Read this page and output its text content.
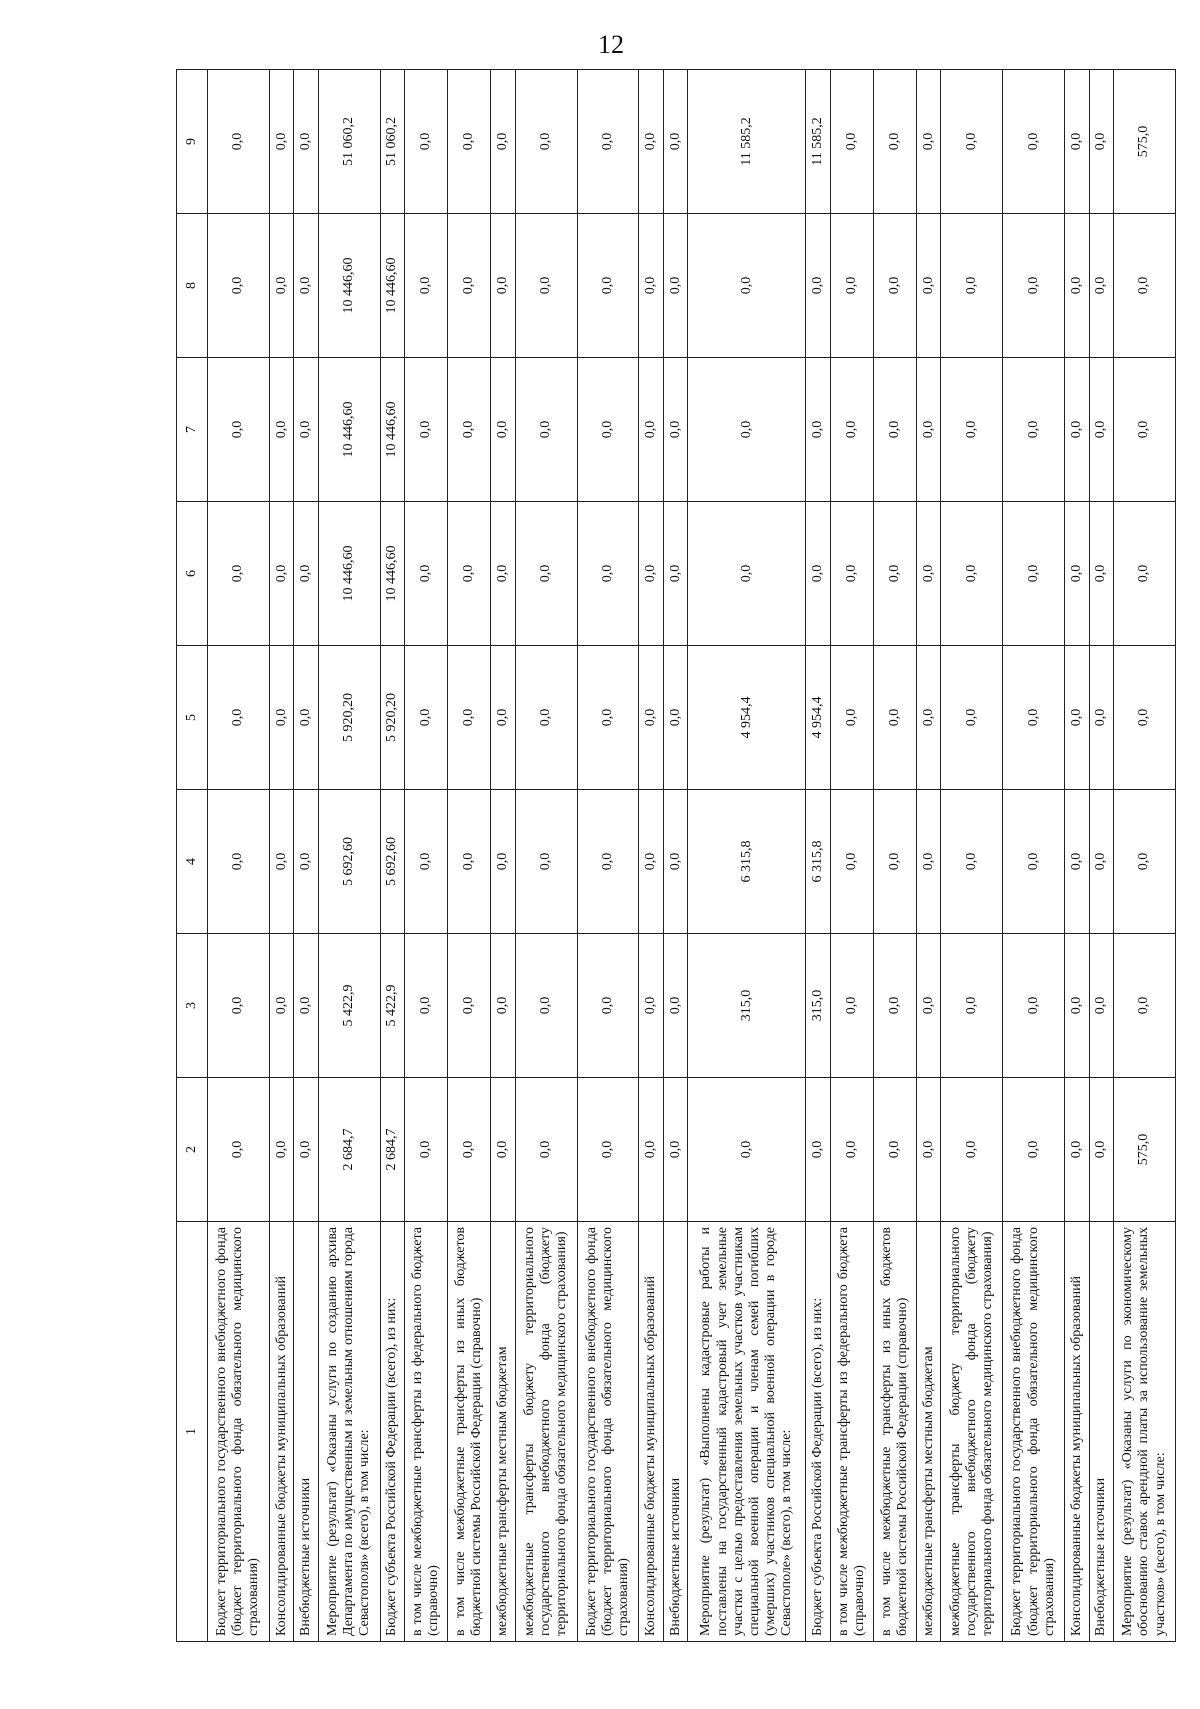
12
1	2	3	4	5	6	7	8	9
Бюджет территориального государственного внебюджетного фонда (бюджет территориального фонда обязательного медицинского страхования)	0,0	0,0	0,0	0,0	0,0	0,0	0,0	0,0
Консолидированные бюджеты муниципальных образований	0,0	0,0	0,0	0,0	0,0	0,0	0,0	0,0
Внебюджетные источники	0,0	0,0	0,0	0,0	0,0	0,0	0,0	0,0
Мероприятие (результат) «Оказаны услуги по созданию архива Департамента по имущественным и земельным отношениям города Севастополя» (всего), в том числе:	2 684,7	5 422,9	5 692,60	5 920,20	10 446,60	10 446,60	10 446,60	51 060,2
Бюджет субъекта Российской Федерации (всего), из них:	2 684,7	5 422,9	5 692,60	5 920,20	10 446,60	10 446,60	10 446,60	51 060,2
в том числе межбюджетные трансферты из федерального бюджета (справочно)	0,0	0,0	0,0	0,0	0,0	0,0	0,0	0,0
в том числе межбюджетные трансферты из иных бюджетов бюджетной системы Российской Федерации (справочно)	0,0	0,0	0,0	0,0	0,0	0,0	0,0	0,0
межбюджетные трансферты местным бюджетам	0,0	0,0	0,0	0,0	0,0	0,0	0,0	0,0
межбюджетные трансферты бюджету территориального государственного внебюджетного фонда (бюджету территориального фонда обязательного медицинского страхования)	0,0	0,0	0,0	0,0	0,0	0,0	0,0	0,0
Бюджет территориального государственного внебюджетного фонда (бюджет территориального фонда обязательного медицинского страхования)	0,0	0,0	0,0	0,0	0,0	0,0	0,0	0,0
Консолидированные бюджеты муниципальных образований	0,0	0,0	0,0	0,0	0,0	0,0	0,0	0,0
Внебюджетные источники	0,0	0,0	0,0	0,0	0,0	0,0	0,0	0,0
Мероприятие (результат) «Выполнены кадастровые работы и поставлены на государственный кадастровый учет земельные участки с целью предоставления земельных участков участникам специальной военной операции и членам семей погибших (умерших) участников специальной военной операции в городе Севастополе» (всего), в том числе:	0,0	315,0	6 315,8	4 954,4	0,0	0,0	0,0	11 585,2
Бюджет субъекта Российской Федерации (всего), из них:	0,0	315,0	6 315,8	4 954,4	0,0	0,0	0,0	11 585,2
в том числе межбюджетные трансферты из федерального бюджета (справочно)	0,0	0,0	0,0	0,0	0,0	0,0	0,0	0,0
в том числе межбюджетные трансферты из иных бюджетов бюджетной системы Российской Федерации (справочно)	0,0	0,0	0,0	0,0	0,0	0,0	0,0	0,0
межбюджетные трансферты местным бюджетам	0,0	0,0	0,0	0,0	0,0	0,0	0,0	0,0
межбюджетные трансферты бюджету территориального государственного внебюджетного фонда (бюджету территориального фонда обязательного медицинского страхования)	0,0	0,0	0,0	0,0	0,0	0,0	0,0	0,0
Бюджет территориального государственного внебюджетного фонда (бюджет территориального фонда обязательного медицинского страхования)	0,0	0,0	0,0	0,0	0,0	0,0	0,0	0,0
Консолидированные бюджеты муниципальных образований	0,0	0,0	0,0	0,0	0,0	0,0	0,0	0,0
Внебюджетные источники	0,0	0,0	0,0	0,0	0,0	0,0	0,0	0,0
Мероприятие (результат) «Оказаны услуги по экономическому обоснованию ставок арендной платы за использование земельных участков» (всего), в том числе:	575,0	0,0	0,0	0,0	0,0	0,0	0,0	575,0
